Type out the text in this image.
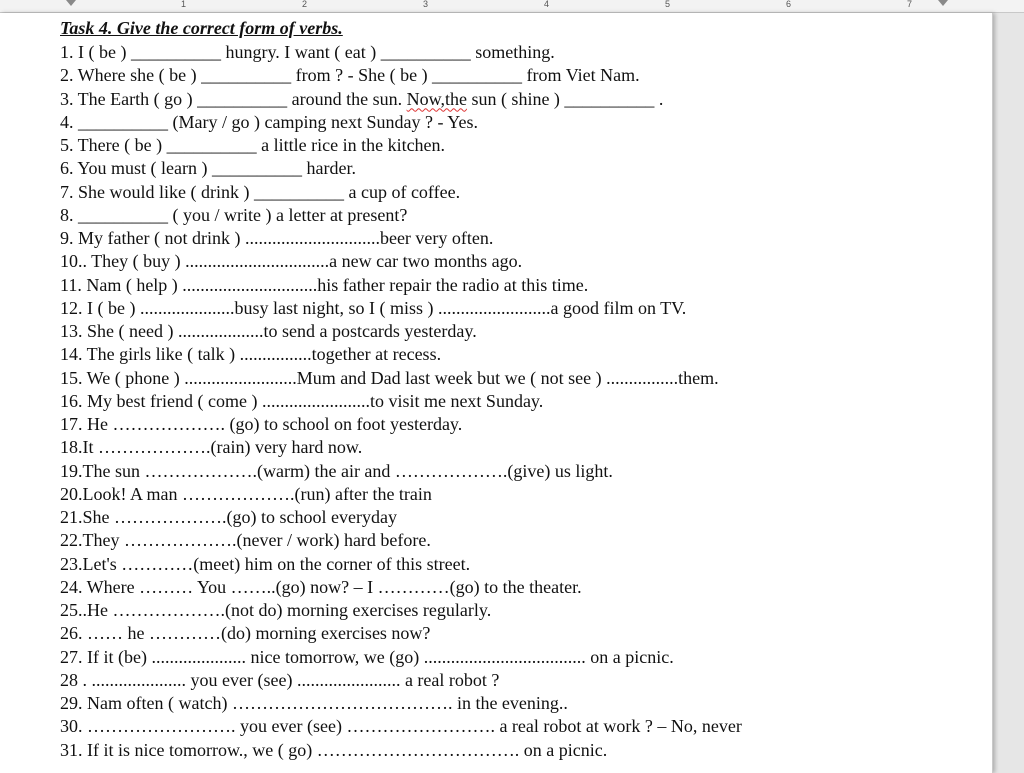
1	2	3	4	5	6	7
Task 4. Give the correct form of verbs.
1. I ( be ) __________ hungry. I want ( eat ) __________ something.
2. Where she ( be ) __________ from ? - She ( be ) __________ from Viet Nam.
3. The Earth ( go ) __________ around the sun. Now,the sun ( shine ) __________ .
4. __________ (Mary / go ) camping next Sunday ? - Yes.
5. There ( be ) __________ a little rice in the kitchen.
6. You must ( learn ) __________ harder.
7. She would like ( drink ) __________ a cup of coffee.
8. __________ ( you / write ) a letter at present?
9. My father ( not drink ) ..............................beer very often.
10.. They ( buy ) ................................a new car two months ago.
11. Nam ( help ) ..............................his father repair the radio at this time.
12. I ( be ) .....................busy last night, so I ( miss ) .........................a good film on TV.
13. She ( need ) ...................to send a postcards yesterday.
14. The girls like ( talk ) ................together at recess.
15. We ( phone ) .........................Mum and Dad last week but we ( not see ) ................them.
16. My best friend ( come ) ........................to visit me next Sunday.
17. He ………………. (go) to school on foot yesterday.
18.It ……………….(rain) very hard now.
19.The sun ……………….(warm) the air and ……………….(give) us light.
20.Look! A man ……………….(run) after the train
21.She ……………….(go) to school everyday
22.They ……………….(never / work) hard before.
23.Let's …………(meet) him on the corner of this street.
24. Where ……… You ……..(go) now? – I …………(go) to the theater.
25..He ……………….(not do) morning exercises regularly.
26. …… he …………(do) morning exercises now?
27. If it (be) ..................... nice tomorrow, we (go) .................................... on a picnic.
28 . ..................... you ever (see) ....................... a real robot ?
29. Nam often ( watch) ………………………………. in the evening..
30. ……………………. you ever (see) ……………………. a real robot at work ? – No, never
31. If it is nice tomorrow., we ( go) ……………………………. on a picnic.
